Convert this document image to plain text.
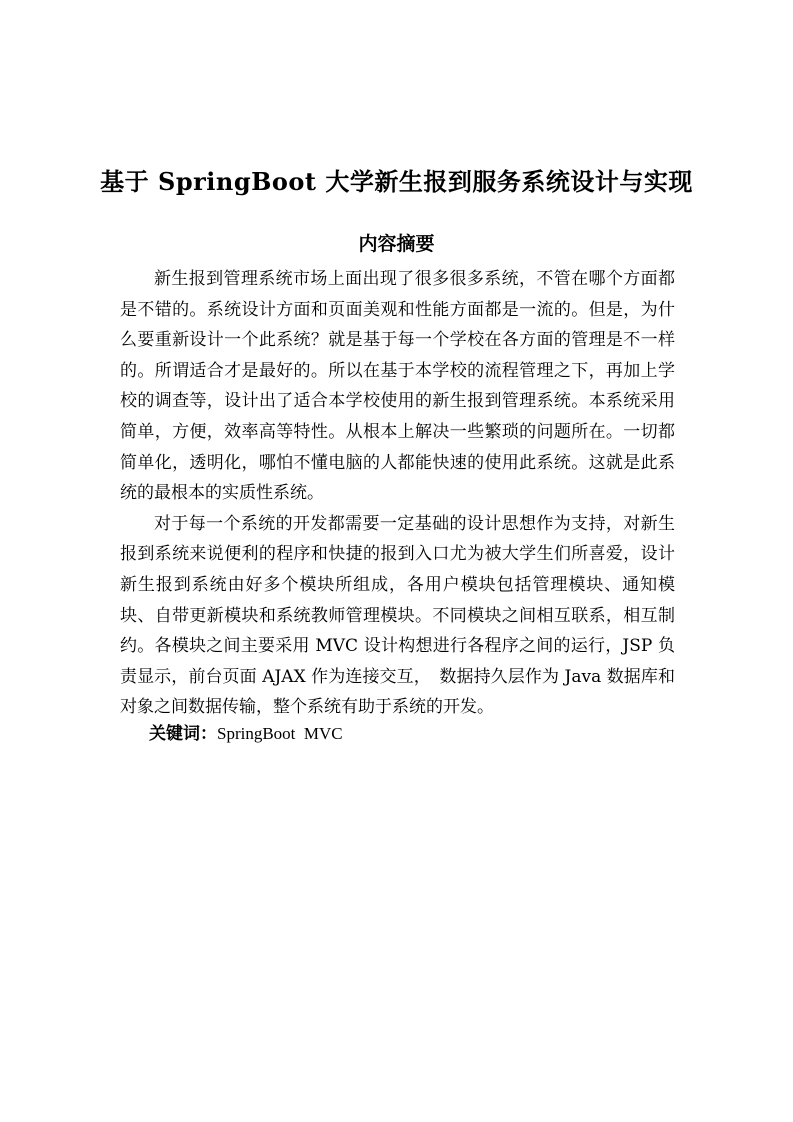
基于 SpringBoot 大学新生报到服务系统设计与实现
内容摘要

新生报到管理系统市场上面出现了很多很多系统，不管在哪个方面都是不错的。系统设计方面和页面美观和性能方面都是一流的。但是，为什么要重新设计一个此系统？就是基于每一个学校在各方面的管理是不一样的。所谓适合才是最好的。所以在基于本学校的流程管理之下，再加上学校的调查等，设计出了适合本学校使用的新生报到管理系统。本系统采用简单，方便，效率高等特性。从根本上解决一些繁琐的问题所在。一切都简单化，透明化，哪怕不懂电脑的人都能快速的使用此系统。这就是此系统的最根本的实质性系统。

对于每一个系统的开发都需要一定基础的设计思想作为支持，对新生报到系统来说便利的程序和快捷的报到入口尤为被大学生们所喜爱，设计新生报到系统由好多个模块所组成，各用户模块包括管理模块、通知模块、自带更新模块和系统教师管理模块。不同模块之间相互联系，相互制约。各模块之间主要采用 MVC 设计构想进行各程序之间的运行，JSP 负责显示，前台页面 AJAX 作为连接交互，　数据持久层作为 Java 数据库和对象之间数据传输，整个系统有助于系统的开发。

关键词：SpringBoot  MVC
